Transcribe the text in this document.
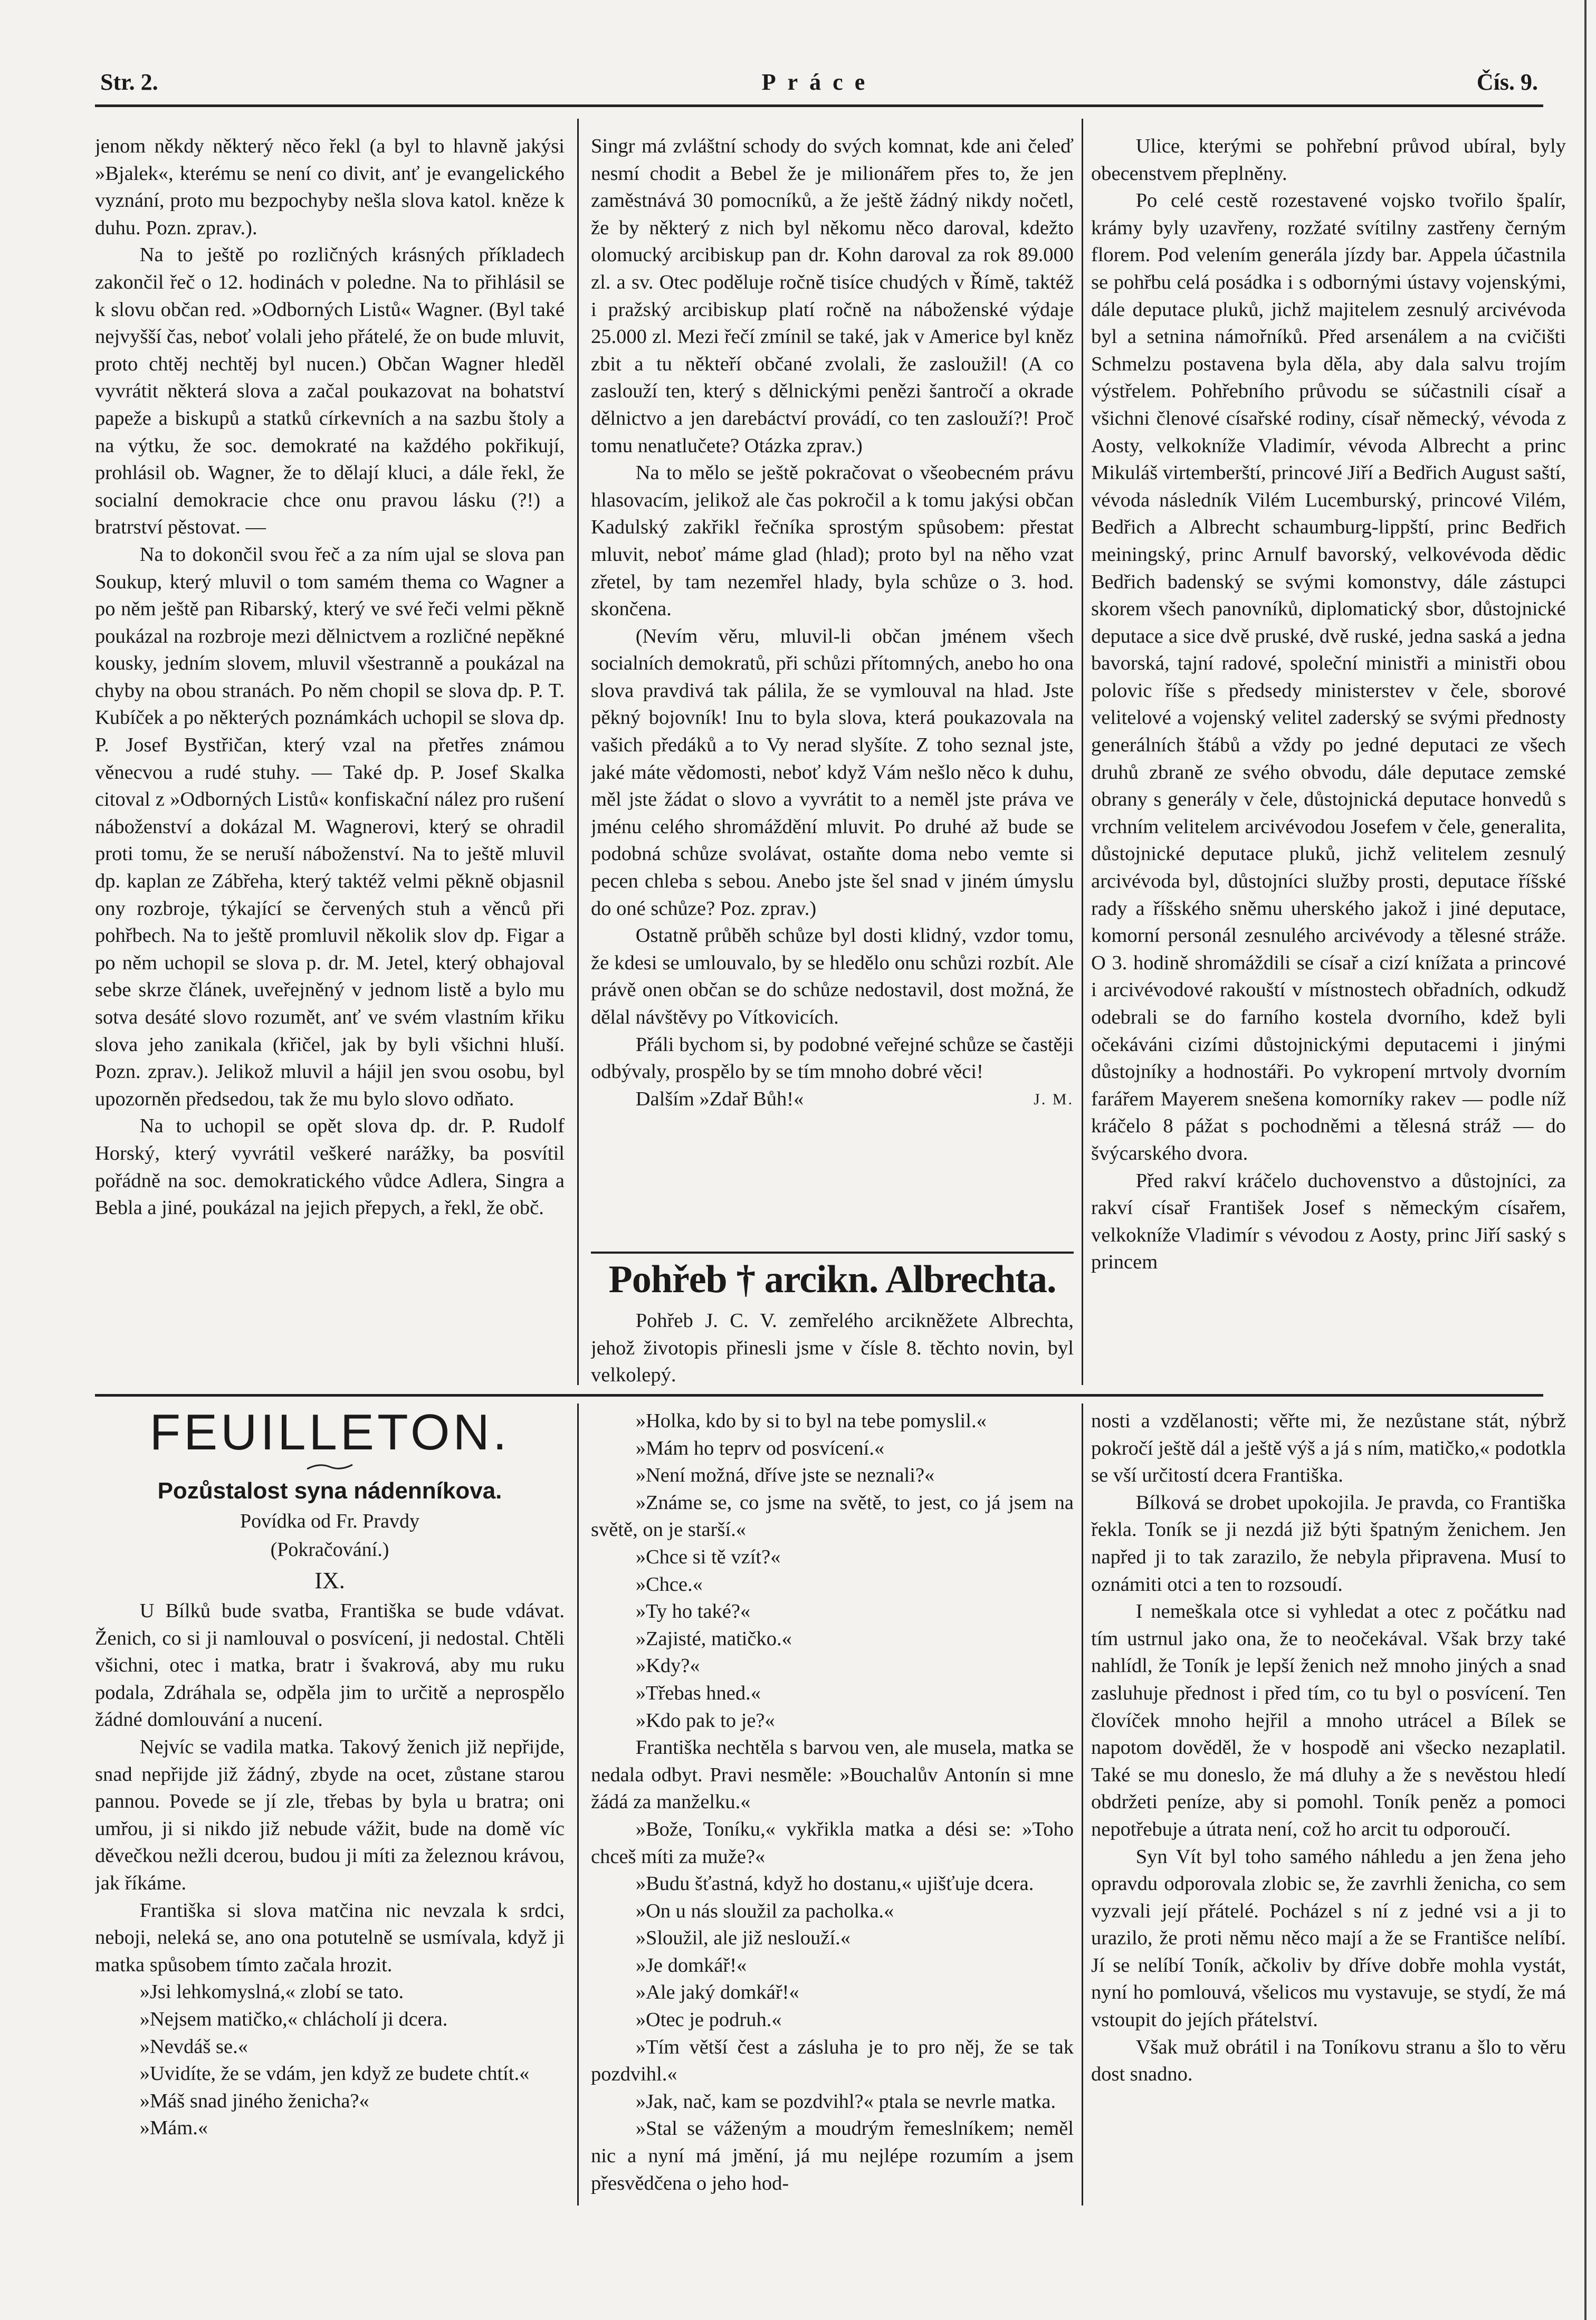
Str. 2.	Práce	Čís. 9.

jenom někdy některý něco řekl (a byl to hlavně jakýsi »Bjalek«, kterému se není co divit, anť je evangelického vyznání, proto mu bezpochyby nešla slova katol. kněze k duhu. Pozn. zprav.).

Na to ještě po rozličných krásných příkladech zakončil řeč o 12. hodinách v poledne. Na to přihlásil se k slovu občan red. »Odborných Listů« Wagner. (Byl také nejvyšší čas, neboť volali jeho přátelé, že on bude mluvit, proto chtěj nechtěj byl nucen.) Občan Wagner hleděl vyvrátit některá slova a začal poukazovat na bohatství papeže a biskupů a statků církevních a na sazbu štoly a na výtku, že soc. demokraté na každého pokřikují, prohlásil ob. Wagner, že to dělají kluci, a dále řekl, že socialní demokracie chce onu pravou lásku (?!) a bratrství pěstovat. —

Na to dokončil svou řeč a za ním ujal se slova pan Soukup, který mluvil o tom samém thema co Wagner a po něm ještě pan Ribarský, který ve své řeči velmi pěkně poukázal na rozbroje mezi dělnictvem a rozličné nepěkné kousky, jedním slovem, mluvil všestranně a poukázal na chyby na obou stranách. Po něm chopil se slova dp. P. T. Kubíček a po některých poznámkách uchopil se slova dp. P. Josef Bystřičan, který vzal na přetřes známou věnecvou a rudé stuhy. — Také dp. P. Josef Skalka citoval z »Odborných Listů« konfiskační nález pro rušení náboženství a dokázal M. Wagnerovi, který se ohradil proti tomu, že se neruší náboženství. Na to ještě mluvil dp. kaplan ze Zábřeha, který taktéž velmi pěkně objasnil ony rozbroje, týkající se červených stuh a věnců při pohřbech. Na to ještě promluvil několik slov dp. Figar a po něm uchopil se slova p. dr. M. Jetel, který obhajoval sebe skrze článek, uveřejněný v jednom listě a bylo mu sotva desáté slovo rozumět, anť ve svém vlastním křiku slova jeho zanikala (křičel, jak by byli všichni hluší. Pozn. zprav.). Jelikož mluvil a hájil jen svou osobu, byl upozorněn předsedou, tak že mu bylo slovo odňato.

Na to uchopil se opět slova dp. dr. P. Rudolf Horský, který vyvrátil veškeré narážky, ba posvítil pořádně na soc. demokratického vůdce Adlera, Singra a Bebla a jiné, poukázal na jejich přepych, a řekl, že obč.

Singr má zvláštní schody do svých komnat, kde ani čeleď nesmí chodit a Bebel že je milionářem přes to, že jen zaměstnává 30 pomocníků, a že ještě žádný nikdy nočetl, že by některý z nich byl někomu něco daroval, kdežto olomucký arcibiskup pan dr. Kohn daroval za rok 89.000 zl. a sv. Otec poděluje ročně tisíce chudých v Římě, taktéž i pražský arcibiskup platí ročně na náboženské výdaje 25.000 zl. Mezi řečí zmínil se také, jak v Americe byl kněz zbit a tu někteří občané zvolali, že zasloužil! (A co zaslouží ten, který s dělnickými penězi šantročí a okrade dělnictvo a jen darebáctví provádí, co ten zaslouží?! Proč tomu nenatlučete? Otázka zprav.)

Na to mělo se ještě pokračovat o všeobecném právu hlasovacím, jelikož ale čas pokročil a k tomu jakýsi občan Kadulský zakřikl řečníka sprostým spůsobem: přestat mluvit, neboť máme glad (hlad); proto byl na něho vzat zřetel, by tam nezemřel hlady, byla schůze o 3. hod. skončena.

(Nevím věru, mluvil-li občan jménem všech socialních demokratů, při schůzi přítomných, anebo ho ona slova pravdivá tak pálila, že se vymlouval na hlad. Jste pěkný bojovník! Inu to byla slova, která poukazovala na vašich předáků a to Vy nerad slyšíte. Z toho seznal jste, jaké máte vědomosti, neboť když Vám nešlo něco k duhu, měl jste žádat o slovo a vyvrátit to a neměl jste práva ve jménu celého shromáždění mluvit. Po druhé až bude se podobná schůze svolávat, ostaňte doma nebo vemte si pecen chleba s sebou. Anebo jste šel snad v jiném úmyslu do oné schůze? Poz. zprav.)

Ostatně průběh schůze byl dosti klidný, vzdor tomu, že kdesi se umlouvalo, by se hledělo onu schůzi rozbít. Ale právě onen občan se do schůze nedostavil, dost možná, že dělal návštěvy po Vítkovicích.

Přáli bychom si, by podobné veřejné schůze se častěji odbývaly, prospělo by se tím mnoho dobré věci!

Dalším »Zdař Bůh!«	J. M.

Pohřeb † arcikn. Albrechta.

Pohřeb J. C. V. zemřelého arcikněžete Albrechta, jehož životopis přinesli jsme v čísle 8. těchto novin, byl velkolepý.

Ulice, kterými se pohřební průvod ubíral, byly obecenstvem přeplněny.

Po celé cestě rozestavené vojsko tvořilo špalír, krámy byly uzavřeny, rozžaté svítilny zastřeny černým florem. Pod velením generála jízdy bar. Appela účastnila se pohřbu celá posádka i s odbornými ústavy vojenskými, dále deputace pluků, jichž majitelem zesnulý arcivévoda byl a setnina námořníků. Před arsenálem a na cvičišti Schmelzu postavena byla děla, aby dala salvu trojím výstřelem. Pohřebního průvodu se súčastnili císař a všichni členové císařské rodiny, císař německý, vévoda z Aosty, velkokníže Vladimír, vévoda Albrecht a princ Mikuláš virtemberští, princové Jiří a Bedřich August saští, vévoda následník Vilém Lucemburský, princové Vilém, Bedřich a Albrecht schaumburg-lippští, princ Bedřich meiningský, princ Arnulf bavorský, velkovévoda dědic Bedřich badenský se svými komonstvy, dále zástupci skorem všech panovníků, diplomatický sbor, důstojnické deputace a sice dvě pruské, dvě ruské, jedna saská a jedna bavorská, tajní radové, společní ministři a ministři obou polovic říše s předsedy ministerstev v čele, sborové velitelové a vojenský velitel zaderský se svými přednosty generálních štábů a vždy po jedné deputaci ze všech druhů zbraně ze svého obvodu, dále deputace zemské obrany s generály v čele, důstojnická deputace honvedů s vrchním velitelem arcivévodou Josefem v čele, generalita, důstojnické deputace pluků, jichž velitelem zesnulý arcivévoda byl, důstojníci služby prosti, deputace říšské rady a říšského sněmu uherského jakož i jiné deputace, komorní personál zesnulého arcivévody a tělesné stráže. O 3. hodině shromáždili se císař a cizí knížata a princové i arcivévodové rakouští v místnostech obřadních, odkudž odebrali se do farního kostela dvorního, kdež byli očekáváni cizími důstojnickými deputacemi i jinými důstojníky a hodnostáři. Po vykropení mrtvoly dvorním farářem Mayerem snešena komorníky rakev — podle níž kráčelo 8 pážat s pochodněmi a tělesná stráž — do švýcarského dvora.

Před rakví kráčelo duchovenstvo a důstojníci, za rakví císař František Josef s německým císařem, velkokníže Vladimír s vévodou z Aosty, princ Jiří saský s princem

FEUILLETON.
Pozůstalost syna nádenníkova.
Povídka od Fr. Pravdy
(Pokračování.)
IX.

U Bílků bude svatba, Františka se bude vdávat. Ženich, co si ji namlouval o posvícení, ji nedostal. Chtěli všichni, otec i matka, bratr i švakrová, aby mu ruku podala, Zdráhala se, odpěla jim to určitě a neprospělo žádné domlouvání a nucení.

Nejvíc se vadila matka. Takový ženich již nepřijde, snad nepřijde již žádný, zbyde na ocet, zůstane starou pannou. Povede se jí zle, třebas by byla u bratra; oni umřou, ji si nikdo již nebude vážit, bude na domě víc děvečkou nežli dcerou, budou ji míti za železnou krávou, jak říkáme.

Františka si slova matčina nic nevzala k srdci, neboji, neleká se, ano ona potutelně se usmívala, když ji matka spůsobem tímto začala hrozit.

»Jsi lehkomyslná,« zlobí se tato.

»Nejsem matičko,« chlácholí ji dcera.

»Nevdáš se.«

»Uvidíte, že se vdám, jen když ze budete chtít.«

»Máš snad jiného ženicha?«

»Mám.«

»Holka, kdo by si to byl na tebe pomyslil.«

»Mám ho teprv od posvícení.«

»Není možná, dříve jste se neznali?«

»Známe se, co jsme na světě, to jest, co já jsem na světě, on je starší.«

»Chce si tě vzít?«

»Chce.«

»Ty ho také?«

»Zajisté, matičko.«

»Kdy?«

»Třebas hned.«

»Kdo pak to je?«

Františka nechtěla s barvou ven, ale musela, matka se nedala odbyt. Pravi nesměle: »Bouchalův Antonín si mne žádá za manželku.«

»Bože, Toníku,« vykřikla matka a dési se: »Toho chceš míti za muže?«

»Budu šťastná, když ho dostanu,« ujišťuje dcera.

»On u nás sloužil za pacholka.«

»Sloužil, ale již neslouží.«

»Je domkář!«

»Ale jaký domkář!«

»Otec je podruh.«

»Tím větší čest a zásluha je to pro něj, že se tak pozdvihl.«

»Jak, nač, kam se pozdvihl?« ptala se nevrle matka.

»Stal se váženým a moudrým řemeslníkem; neměl nic a nyní má jmění, já mu nejlépe rozumím a jsem přesvědčena o jeho hod-

nosti a vzdělanosti; věřte mi, že nezůstane stát, nýbrž pokročí ještě dál a ještě výš a já s ním, matičko,« podotkla se vší určitostí dcera Františka.

Bílková se drobet upokojila. Je pravda, co Františka řekla. Toník se ji nezdá již býti špatným ženichem. Jen napřed ji to tak zarazilo, že nebyla připravena. Musí to oznámiti otci a ten to rozsoudí.

I nemeškala otce si vyhledat a otec z počátku nad tím ustrnul jako ona, že to neočekával. Však brzy také nahlídl, že Toník je lepší ženich než mnoho jiných a snad zasluhuje přednost i před tím, co tu byl o posvícení. Ten človíček mnoho hejřil a mnoho utrácel a Bílek se napotom dověděl, že v hospodě ani všecko nezaplatil. Také se mu doneslo, že má dluhy a že s nevěstou hledí obdržeti peníze, aby si pomohl. Toník peněz a pomoci nepotřebuje a útrata není, což ho arcit tu odporoučí.

Syn Vít byl toho samého náhledu a jen žena jeho opravdu odporovala zlobic se, že zavrhli ženicha, co sem vyzvali její přátelé. Pocházel s ní z jedné vsi a ji to urazilo, že proti němu něco mají a že se Františce nelíbí. Jí se nelíbí Toník, ačkoliv by dříve dobře mohla vystát, nyní ho pomlouvá, všelicos mu vystavuje, se stydí, že má vstoupit do jejích přátelství.

Však muž obrátil i na Toníkovu stranu a šlo to věru dost snadno.
